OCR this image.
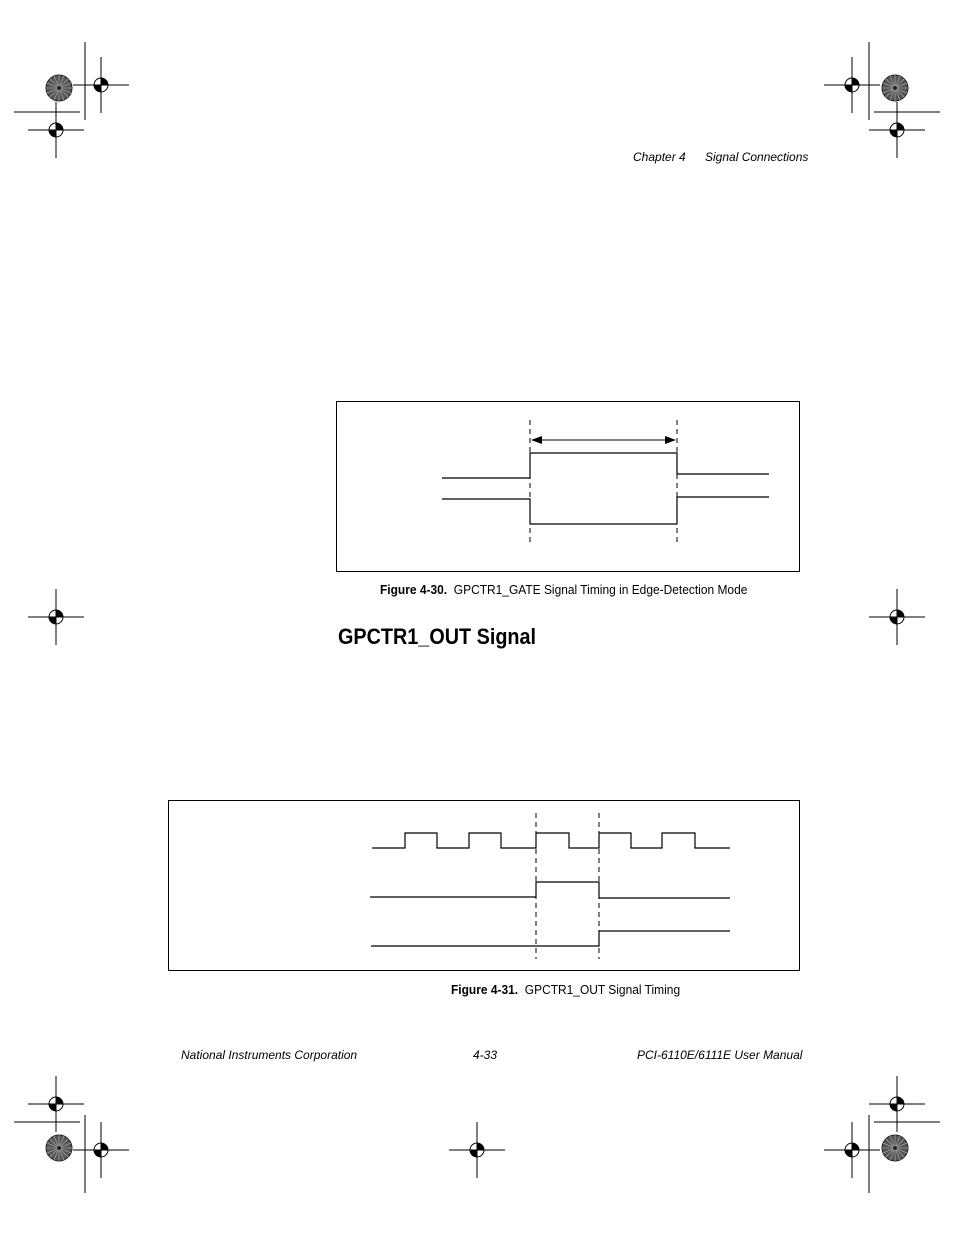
Chapter 4 Signal Connections
Figure 4-30. GPCTR1_GATE Signal Timing in Edge-Detection Mode
GPCTR1_OUT Signal
Figure 4-31. GPCTR1_OUT Signal Timing
National Instruments Corporation	4-33	PCI-6110E/6111E User Manual
